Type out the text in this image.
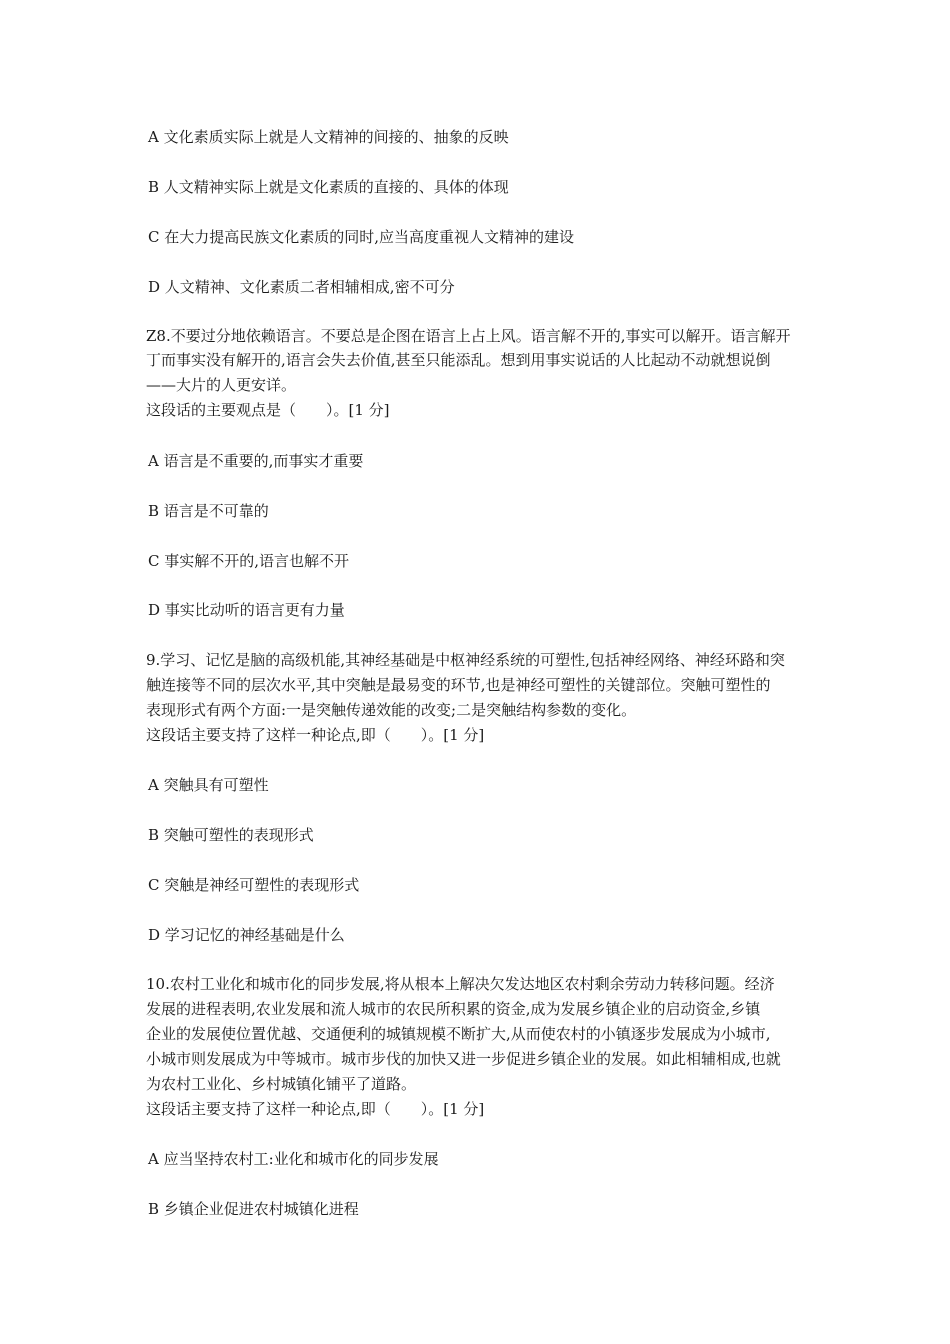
A 文化素质实际上就是人文精神的间接的、抽象的反映
B 人文精神实际上就是文化素质的直接的、具体的体现
C 在大力提高民族文化素质的同时,应当高度重视人文精神的建设
D 人文精神、文化素质二者相辅相成,密不可分
Z8.不要过分地依赖语言。不要总是企图在语言上占上风。语言解不开的,事实可以解开。语言解开
丁而事实没有解开的,语言会失去价值,甚至只能添乱。想到用事实说话的人比起动不动就想说倒
——大片的人更安详。
这段话的主要观点是（　　）。[1 分]
A 语言是不重要的,而事实才重要
B 语言是不可靠的
C 事实解不开的,语言也解不开
D 事实比动听的语言更有力量
9.学习、记忆是脑的高级机能,其神经基础是中枢神经系统的可塑性,包括神经网络、神经环路和突
触连接等不同的层次水平,其中突触是最易变的环节,也是神经可塑性的关键部位。突触可塑性的
表现形式有两个方面:一是突触传递效能的改变;二是突触结构参数的变化。
这段话主要支持了这样一种论点,即（　　）。[1 分]
A 突触具有可塑性
B 突触可塑性的表现形式
C 突触是神经可塑性的表现形式
D 学习记忆的神经基础是什么
10.农村工业化和城市化的同步发展,将从根本上解决欠发达地区农村剩余劳动力转移问题。经济
发展的进程表明,农业发展和流人城市的农民所积累的资金,成为发展乡镇企业的启动资金,乡镇
企业的发展使位置优越、交通便利的城镇规模不断扩大,从而使农村的小镇逐步发展成为小城市,
小城市则发展成为中等城市。城市步伐的加快又进一步促进乡镇企业的发展。如此相辅相成,也就
为农村工业化、乡村城镇化铺平了道路。
这段话主要支持了这样一种论点,即（　　）。[1 分]
A 应当坚持农村工:业化和城市化的同步发展
B 乡镇企业促进农村城镇化进程
